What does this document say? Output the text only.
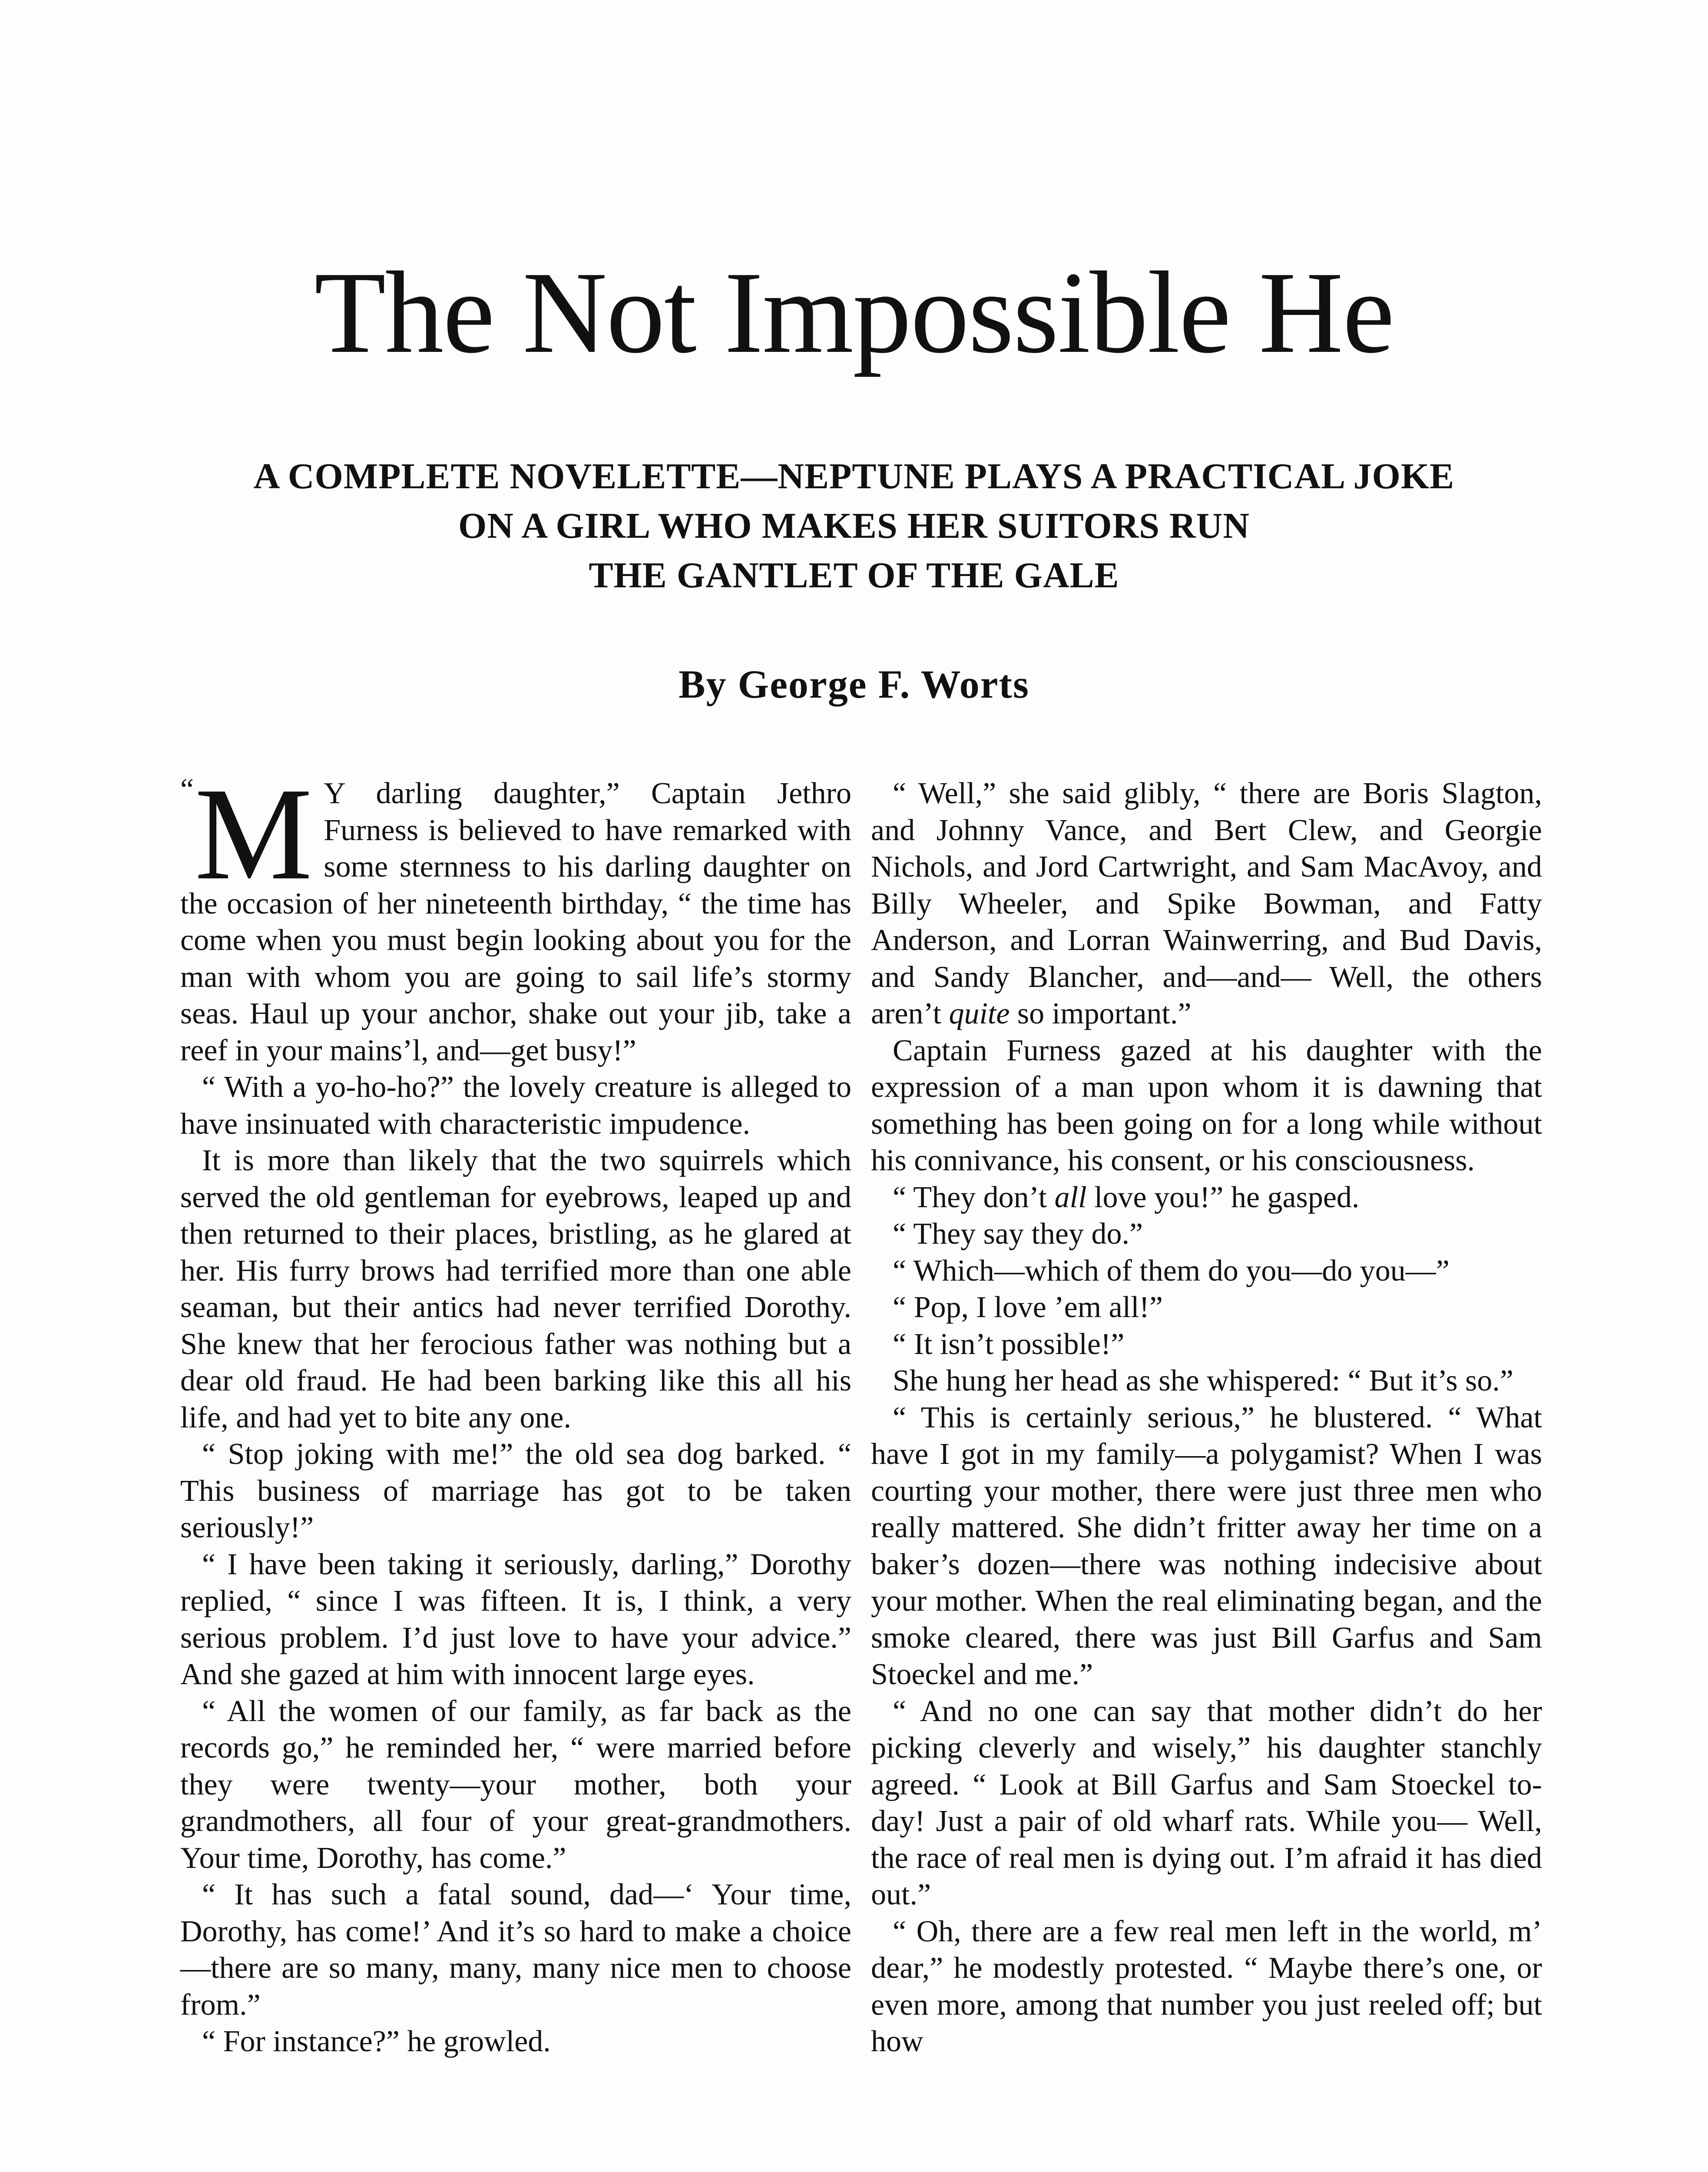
The Not Impossible He
A COMPLETE NOVELETTE—NEPTUNE PLAYS A PRACTICAL JOKE
ON A GIRL WHO MAKES HER SUITORS RUN
THE GANTLET OF THE GALE
By George F. Worts

“ M Y darling daughter,” Captain Jethro Furness is believed to have remarked with some sternness to his darling daughter on the occasion of her nineteenth birthday, “ the time has come when you must begin looking about you for the man with whom you are going to sail life’s stormy seas. Haul up your anchor, shake out your jib, take a reef in your mains’l, and—get busy!”

“ With a yo-ho-ho?” the lovely creature is alleged to have insinuated with characteristic impudence.

It is more than likely that the two squirrels which served the old gentleman for eyebrows, leaped up and then returned to their places, bristling, as he glared at her. His furry brows had terrified more than one able seaman, but their antics had never terrified Dorothy. She knew that her ferocious father was nothing but a dear old fraud. He had been barking like this all his life, and had yet to bite any one.

“ Stop joking with me!” the old sea dog barked. “ This business of marriage has got to be taken seriously!”

“ I have been taking it seriously, darling,” Dorothy replied, “ since I was fifteen. It is, I think, a very serious problem. I’d just love to have your advice.” And she gazed at him with innocent large eyes.

“ All the women of our family, as far back as the records go,” he reminded her, “ were married before they were twenty—your mother, both your grandmothers, all four of your great-grandmothers. Your time, Dorothy, has come.”

“ It has such a fatal sound, dad—‘ Your time, Dorothy, has come!’ And it’s so hard to make a choice—there are so many, many, many nice men to choose from.”

“ For instance?” he growled.

“ Well,” she said glibly, “ there are Boris Slagton, and Johnny Vance, and Bert Clew, and Georgie Nichols, and Jord Cartwright, and Sam MacAvoy, and Billy Wheeler, and Spike Bowman, and Fatty Anderson, and Lorran Wainwerring, and Bud Davis, and Sandy Blancher, and—and— Well, the others aren’t quite so important.”

Captain Furness gazed at his daughter with the expression of a man upon whom it is dawning that something has been going on for a long while without his connivance, his consent, or his consciousness.

“ They don’t all love you!” he gasped.

“ They say they do.”

“ Which—which of them do you—do you—”

“ Pop, I love ’em all!”

“ It isn’t possible!”

She hung her head as she whispered: “ But it’s so.”

“ This is certainly serious,” he blustered. “ What have I got in my family—a polygamist? When I was courting your mother, there were just three men who really mattered. She didn’t fritter away her time on a baker’s dozen—there was nothing indecisive about your mother. When the real eliminating began, and the smoke cleared, there was just Bill Garfus and Sam Stoeckel and me.”

“ And no one can say that mother didn’t do her picking cleverly and wisely,” his daughter stanchly agreed. “ Look at Bill Garfus and Sam Stoeckel to-day! Just a pair of old wharf rats. While you— Well, the race of real men is dying out. I’m afraid it has died out.”

“ Oh, there are a few real men left in the world, m’ dear,” he modestly protested. “ Maybe there’s one, or even more, among that number you just reeled off; but how
